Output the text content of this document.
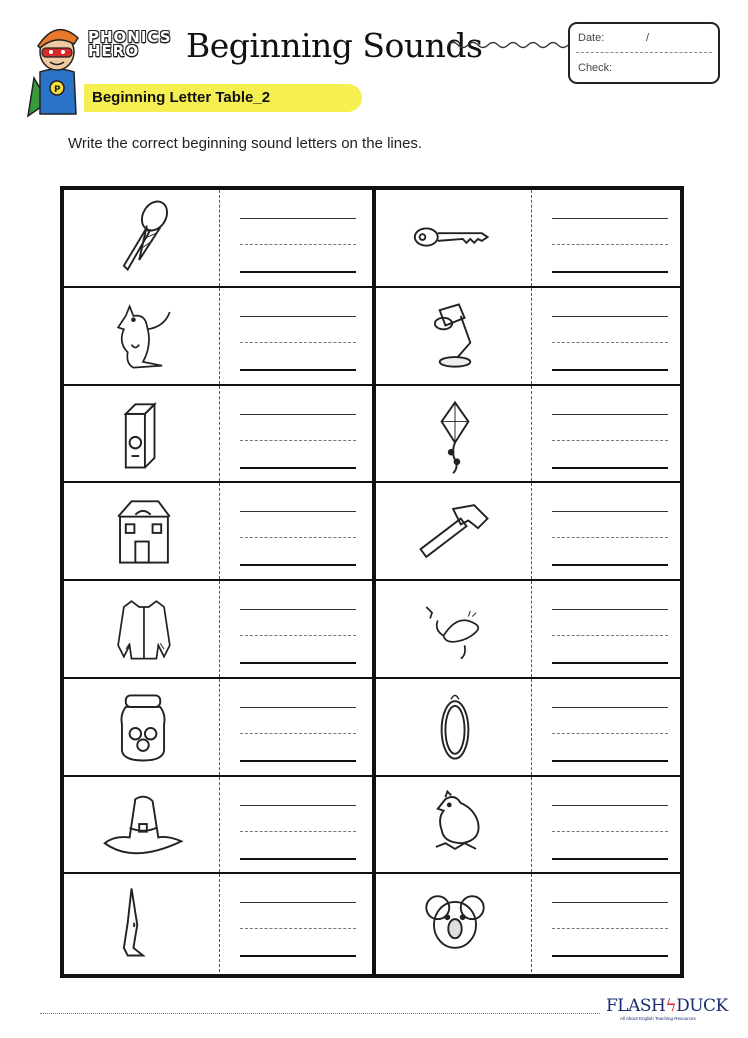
P
PHONICS
HERO	Beginning Sounds	Date:	/
Check:
Beginning Letter Table_2
Write the correct beginning sound letters on the lines.
FLASHϟDUCK
All About English Teaching Resources
